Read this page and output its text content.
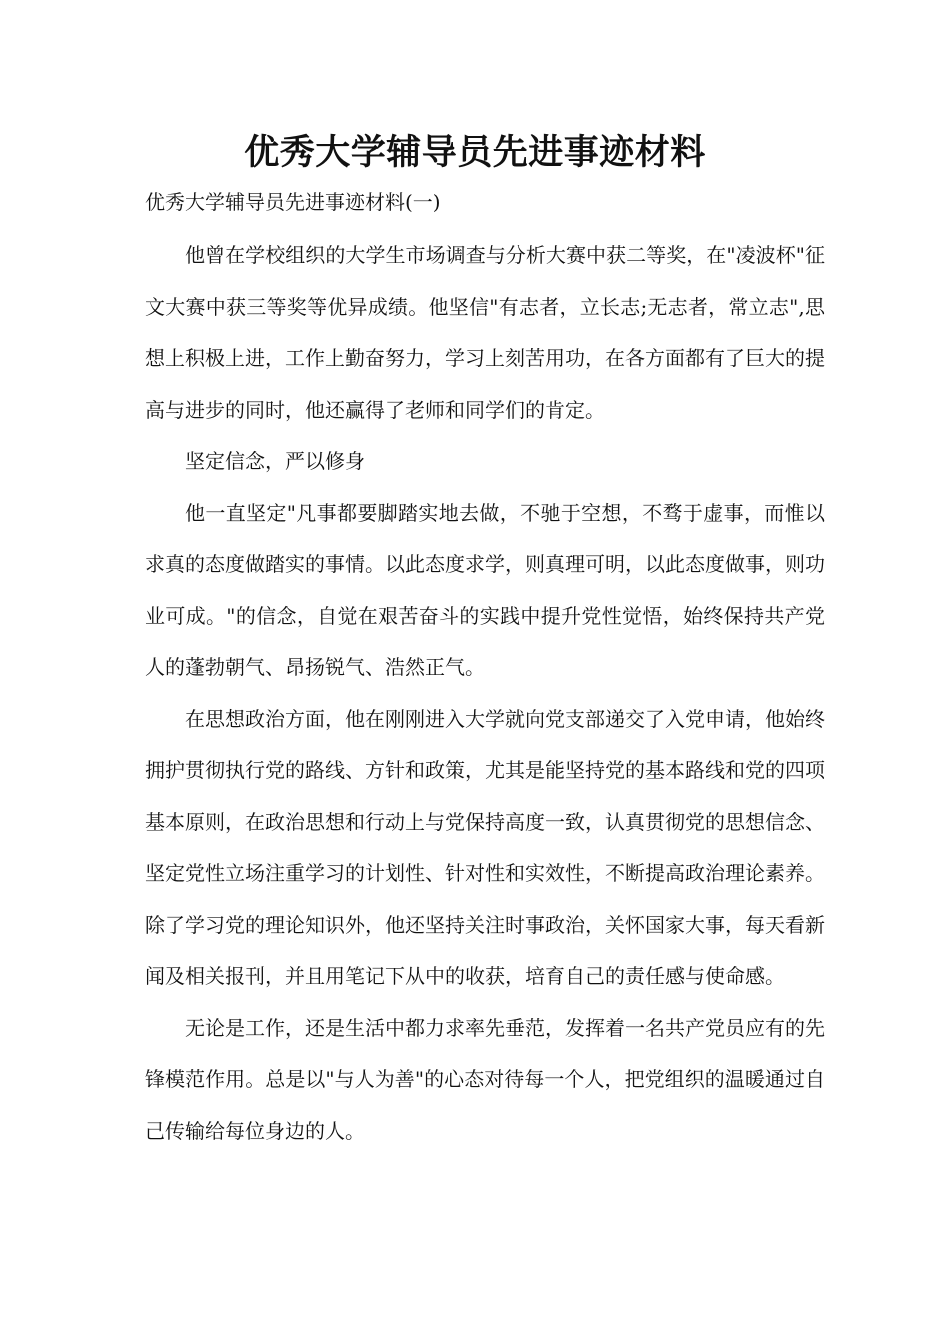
优秀大学辅导员先进事迹材料
优秀大学辅导员先进事迹材料(一)

他曾在学校组织的大学生市场调查与分析大赛中获二等奖，在"凌波杯"征文大赛中获三等奖等优异成绩。他坚信"有志者，立长志;无志者，常立志",思想上积极上进，工作上勤奋努力，学习上刻苦用功，在各方面都有了巨大的提高与进步的同时，他还赢得了老师和同学们的肯定。

坚定信念，严以修身

他一直坚定"凡事都要脚踏实地去做，不驰于空想，不骛于虚事，而惟以求真的态度做踏实的事情。以此态度求学，则真理可明，以此态度做事，则功业可成。"的信念，自觉在艰苦奋斗的实践中提升党性觉悟，始终保持共产党人的蓬勃朝气、昂扬锐气、浩然正气。

在思想政治方面，他在刚刚进入大学就向党支部递交了入党申请，他始终拥护贯彻执行党的路线、方针和政策，尤其是能坚持党的基本路线和党的四项基本原则，在政治思想和行动上与党保持高度一致，认真贯彻党的思想信念、坚定党性立场注重学习的计划性、针对性和实效性，不断提高政治理论素养。除了学习党的理论知识外，他还坚持关注时事政治，关怀国家大事，每天看新闻及相关报刊，并且用笔记下从中的收获，培育自己的责任感与使命感。

无论是工作，还是生活中都力求率先垂范，发挥着一名共产党员应有的先锋模范作用。总是以"与人为善"的心态对待每一个人，把党组织的温暖通过自己传输给每位身边的人。
